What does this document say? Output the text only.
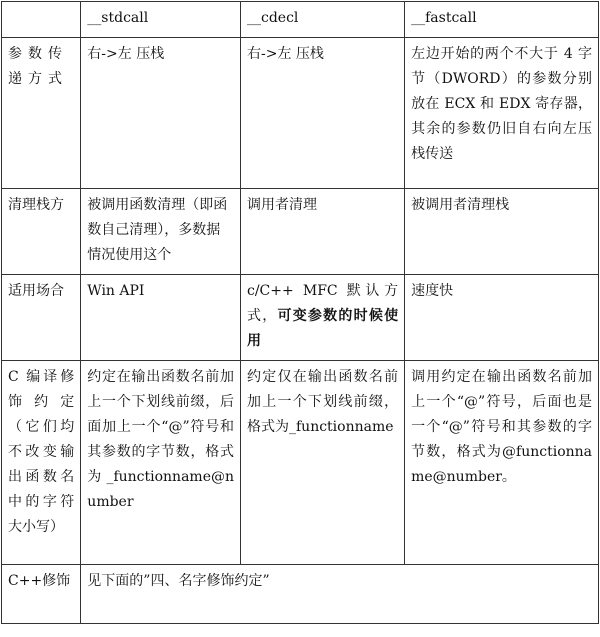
	__stdcall	__cdecl	__fastcall
参数传递方式	右->左 压栈	右->左 压栈	左边开始的两个不大于 4 字节（DWORD）的参数分别放在 ECX 和 EDX 寄存器，其余的参数仍旧自右向左压栈传送
清理栈方	被调用函数清理（即函数自己清理），多数据情况使用这个	调用者清理	被调用者清理栈
适用场合	Win API	c/C++ MFC 默认方式，可变参数的时候使用	速度快
C 编译修饰约定（它们均不改变输出函数名中的字符大小写）	约定在输出函数名前加上一个下划线前缀，后面加上一个“@”符号和其参数的字节数，格式为_functionname@number	约定仅在输出函数名前加上一个下划线前缀，格式为_functionname	调用约定在输出函数名前加上一个“@”符号，后面也是一个“@”符号和其参数的字节数，格式为@functionname@number。
C++修饰	见下面的”四、名字修饰约定”		
